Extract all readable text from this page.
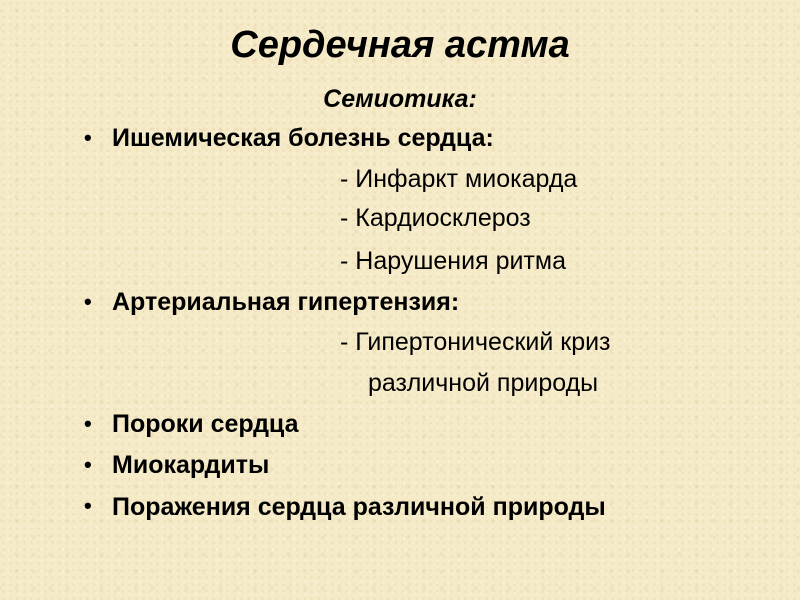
Сердечная астма
Семиотика:
• Ишемическая болезнь сердца:
- Инфаркт миокарда
- Кардиосклероз
- Нарушения ритма
• Артериальная гипертензия:
- Гипертонический криз
различной природы
• Пороки сердца
• Миокардиты
• Поражения сердца различной природы
